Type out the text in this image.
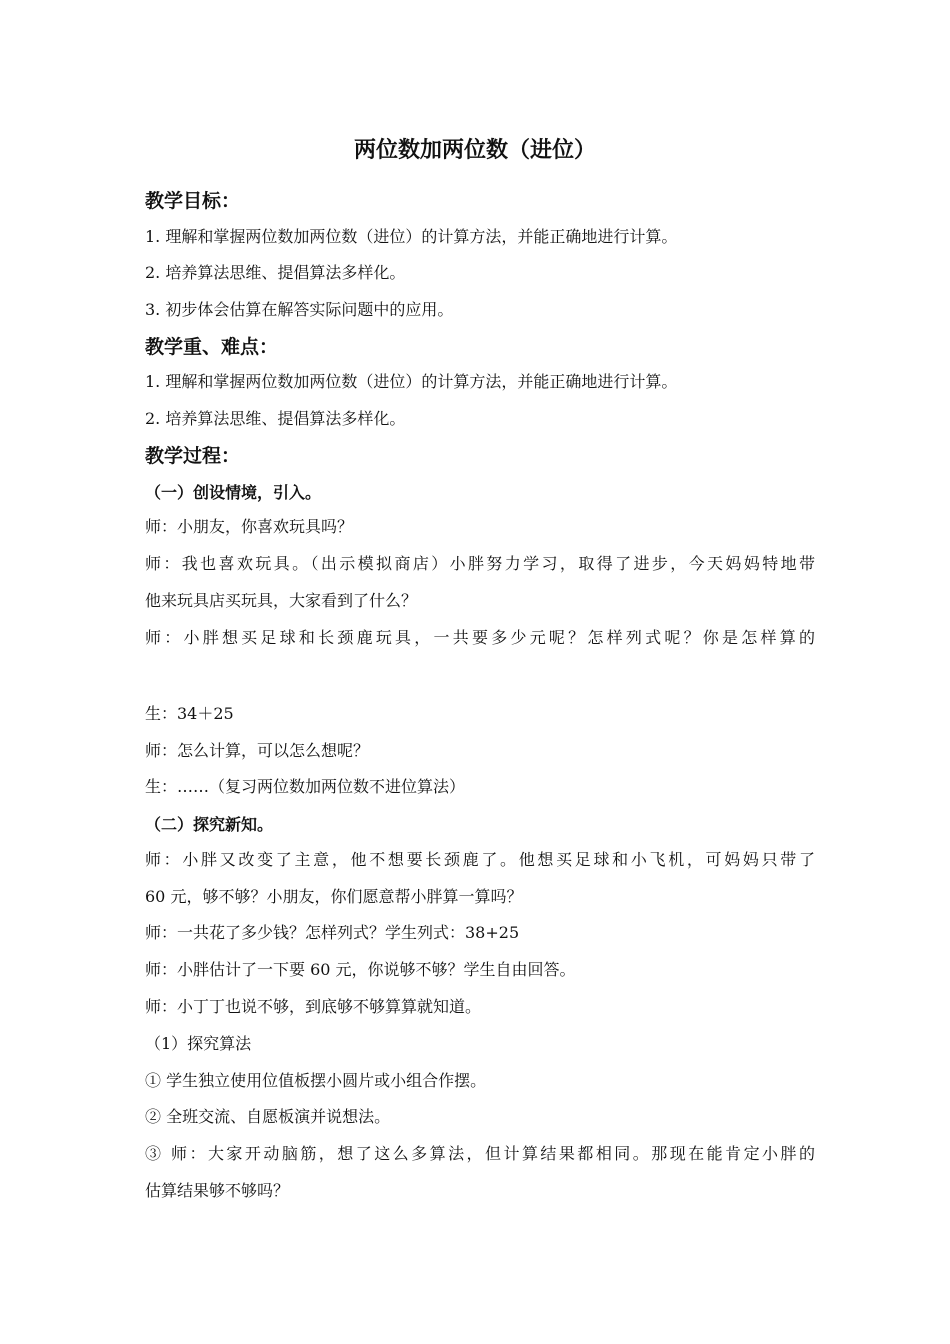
两位数加两位数（进位）
教学目标：
1. 理解和掌握两位数加两位数（进位）的计算方法，并能正确地进行计算。
2. 培养算法思维、提倡算法多样化。
3. 初步体会估算在解答实际问题中的应用。
教学重、难点：
1. 理解和掌握两位数加两位数（进位）的计算方法，并能正确地进行计算。
2. 培养算法思维、提倡算法多样化。
教学过程：
（一）创设情境，引入。
师：小朋友，你喜欢玩具吗？
师：我也喜欢玩具。（出示模拟商店）小胖努力学习，取得了进步，今天妈妈特地带
他来玩具店买玩具，大家看到了什么？
师：小胖想买足球和长颈鹿玩具，一共要多少元呢？怎样列式呢？你是怎样算的
生：34＋25
师：怎么计算，可以怎么想呢？
生：……（复习两位数加两位数不进位算法）
（二）探究新知。
师：小胖又改变了主意，他不想要长颈鹿了。他想买足球和小飞机，可妈妈只带了
60 元，够不够？小朋友，你们愿意帮小胖算一算吗？
师：一共花了多少钱？怎样列式？学生列式：38+25
师：小胖估计了一下要 60 元，你说够不够？学生自由回答。
师：小丁丁也说不够，到底够不够算算就知道。
（1）探究算法
① 学生独立使用位值板摆小圆片或小组合作摆。
② 全班交流、自愿板演并说想法。
③ 师：大家开动脑筋，想了这么多算法，但计算结果都相同。那现在能肯定小胖的
估算结果够不够吗？
